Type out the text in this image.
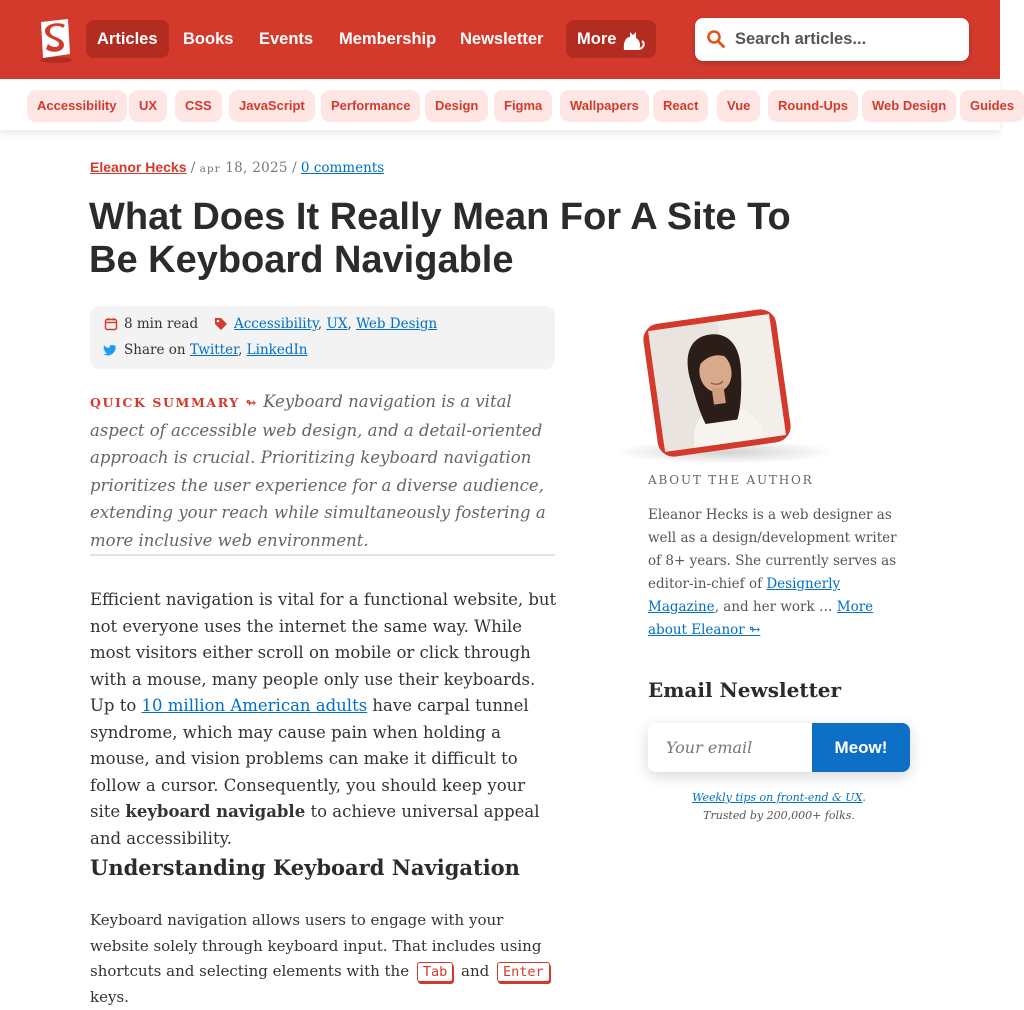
Articles	Books	Events	Membership	Newsletter	More
Search articles...
Accessibility	UX	CSS	JavaScript	Performance	Design	Figma	Wallpapers	React	Vue	Round-Ups	Web Design	Guides
Eleanor Hecks / apr 18, 2025 / 0 comments
What Does It Really Mean For A Site To Be Keyboard Navigable
8 min read	Accessibility, UX, Web Design
Share on Twitter, LinkedIn

QUICK SUMMARY ↬ Keyboard navigation is a vital aspect of accessible web design, and a detail-oriented approach is crucial. Prioritizing keyboard navigation prioritizes the user experience for a diverse audience, extending your reach while simultaneously fostering a more inclusive web environment.

Efficient navigation is vital for a functional website, but not everyone uses the internet the same way. While most visitors either scroll on mobile or click through with a mouse, many people only use their keyboards. Up to 10 million American adults have carpal tunnel syndrome, which may cause pain when holding a mouse, and vision problems can make it difficult to follow a cursor. Consequently, you should keep your site keyboard navigable to achieve universal appeal and accessibility.

Understanding Keyboard Navigation

Keyboard navigation allows users to engage with your website solely through keyboard input. That includes using shortcuts and selecting elements with the Tab and Enter keys.

ABOUT THE AUTHOR

Eleanor Hecks is a web designer as well as a design/development writer of 8+ years. She currently serves as editor-in-chief of Designerly Magazine, and her work … More about Eleanor ↬

Email Newsletter
Your email
Meow!

Weekly tips on front-end & UX.
Trusted by 200,000+ folks.
